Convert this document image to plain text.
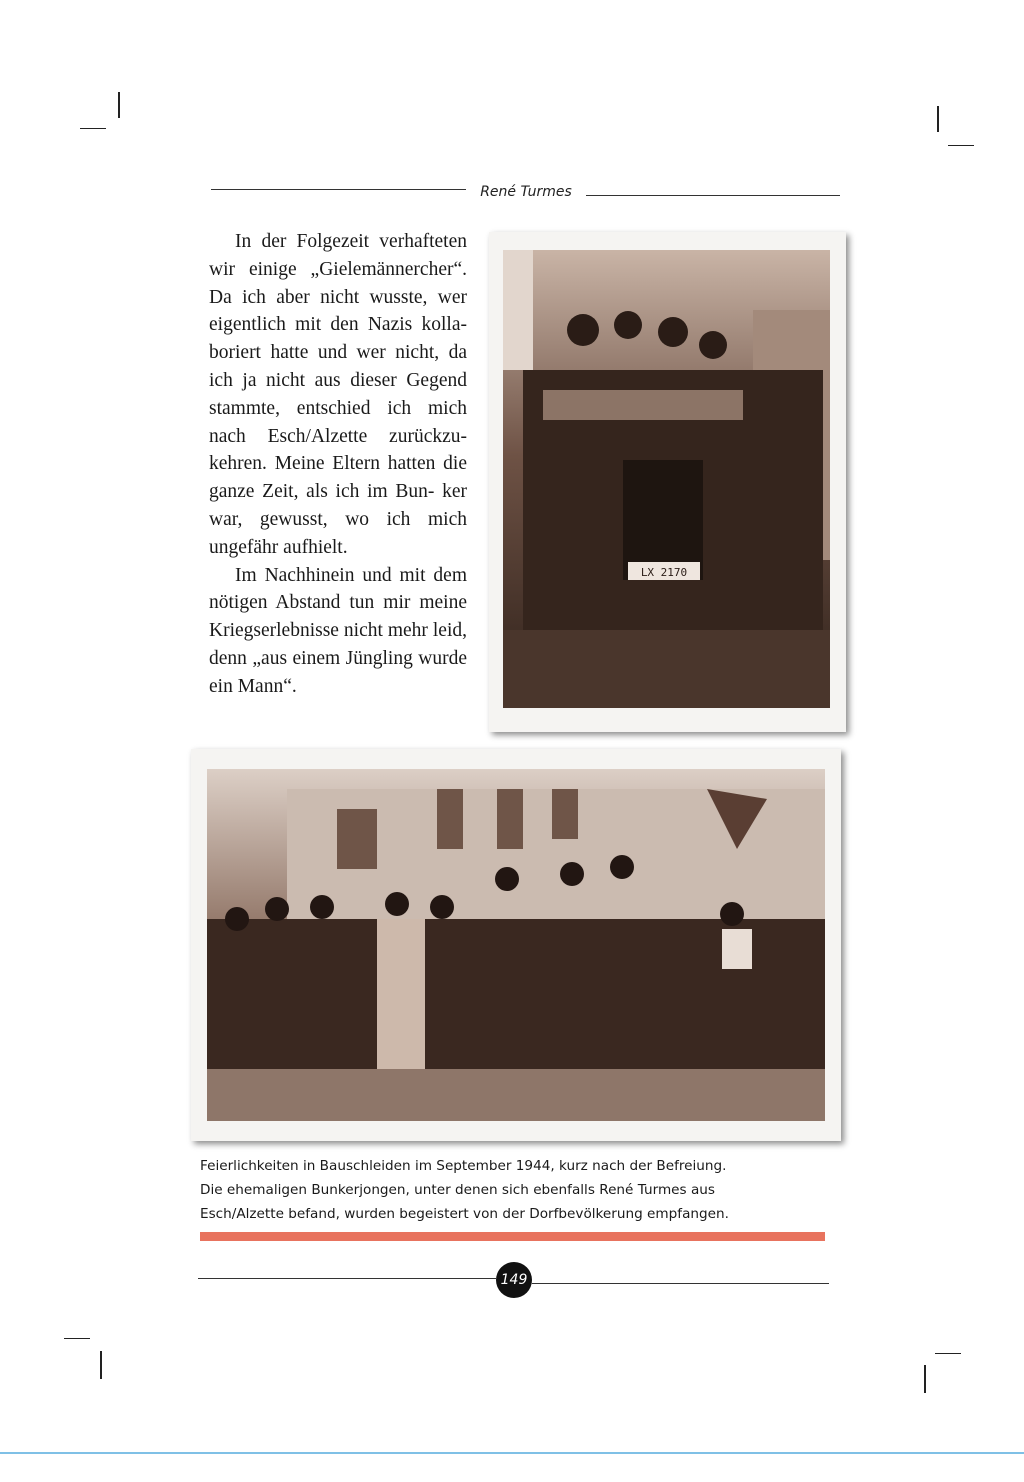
René Turmes

In der Folgezeit verhafteten wir einige „Gielemännercher“. Da ich aber nicht wusste, wer eigentlich mit den Nazis kolla- boriert hatte und wer nicht, da ich ja nicht aus dieser Gegend stammte, entschied ich mich nach Esch/Alzette zurückzu- kehren. Meine Eltern hatten die ganze Zeit, als ich im Bun- ker war, gewusst, wo ich mich ungefähr aufhielt.

Im Nachhinein und mit dem nötigen Abstand tun mir meine Kriegserlebnisse nicht mehr leid, denn „aus einem Jüngling wurde ein Mann“.

LX 2170
Feierlichkeiten in Bauschleiden im September 1944, kurz nach der Befreiung.
Die ehemaligen Bunkerjongen, unter denen sich ebenfalls René Turmes aus
Esch/Alzette befand, wurden begeistert von der Dorfbevölkerung empfangen.
149
